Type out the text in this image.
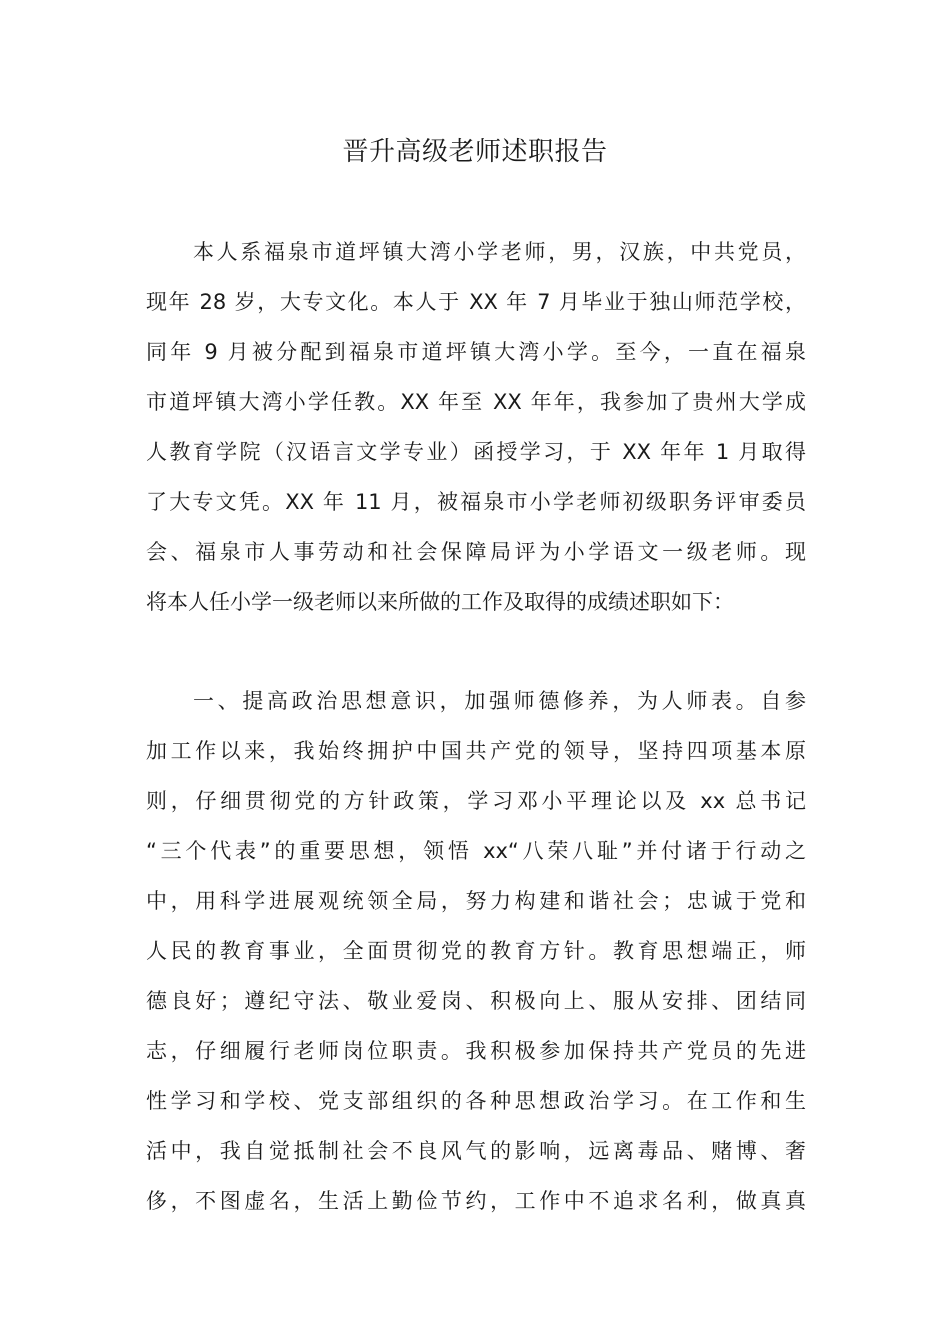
晋升高级老师述职报告
本人系福泉市道坪镇大湾小学老师，男，汉族，中共党员，
现年 28 岁，大专文化。本人于 XX 年 7 月毕业于独山师范学校，
同年 9 月被分配到福泉市道坪镇大湾小学。至今，一直在福泉
市道坪镇大湾小学任教。XX 年至 XX 年年，我参加了贵州大学成
人教育学院（汉语言文学专业）函授学习，于 XX 年年 1 月取得
了大专文凭。XX 年 11 月，被福泉市小学老师初级职务评审委员
会、福泉市人事劳动和社会保障局评为小学语文一级老师。现
将本人任小学一级老师以来所做的工作及取得的成绩述职如下：
一、提高政治思想意识，加强师德修养，为人师表。自参
加工作以来，我始终拥护中国共产党的领导，坚持四项基本原
则，仔细贯彻党的方针政策，学习邓小平理论以及 xx 总书记
“三个代表”的重要思想，领悟 xx“八荣八耻”并付诸于行动之
中，用科学进展观统领全局，努力构建和谐社会；忠诚于党和
人民的教育事业，全面贯彻党的教育方针。教育思想端正，师
德良好；遵纪守法、敬业爱岗、积极向上、服从安排、团结同
志，仔细履行老师岗位职责。我积极参加保持共产党员的先进
性学习和学校、党支部组织的各种思想政治学习。在工作和生
活中，我自觉抵制社会不良风气的影响，远离毒品、赌博、奢
侈，不图虚名，生活上勤俭节约，工作中不追求名利，做真真
